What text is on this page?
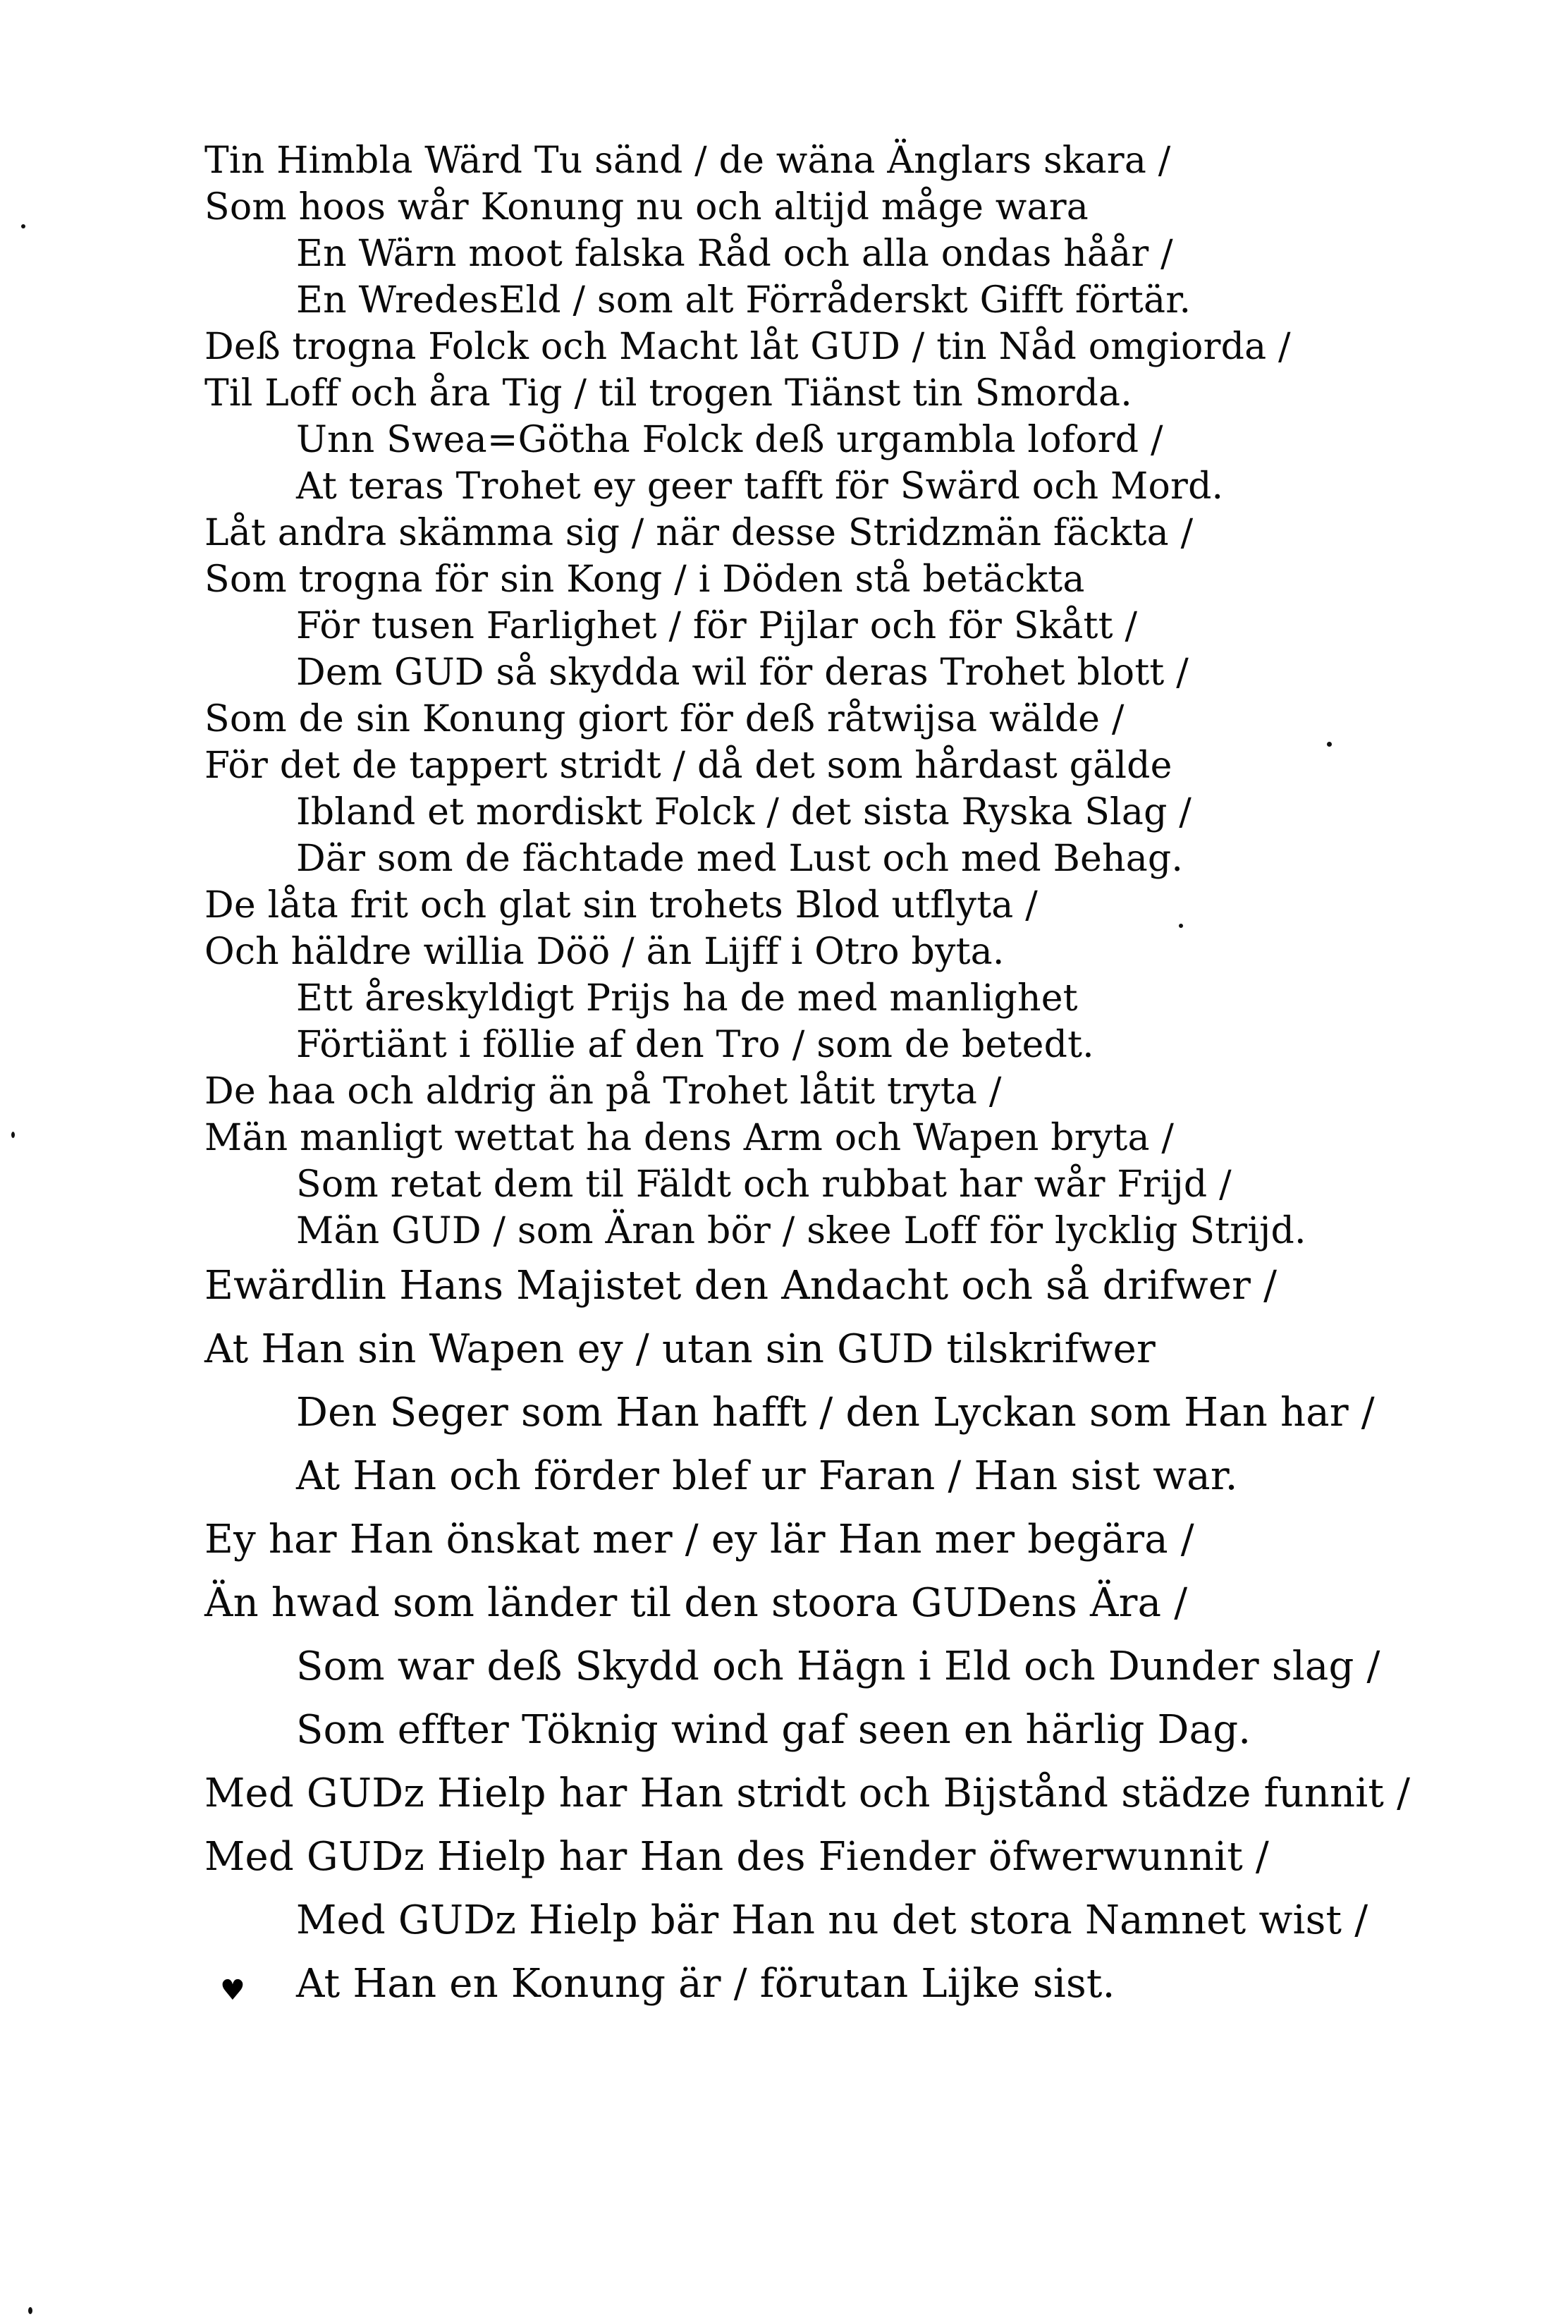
Tin Himbla Wärd Tu sänd / de wäna Änglars skara /
Som hoos wår Konung nu och altijd måge wara
En Wärn moot falska Råd och alla ondas håår /
En WredesEld / som alt Förråderskt Gifft förtär.
Deß trogna Folck och Macht låt GUD / tin Nåd omgiorda /
Til Loff och åra Tig / til trogen Tiänst tin Smorda.
Unn Swea=Götha Folck deß urgambla loford /
At teras Trohet ey geer tafft för Swärd och Mord.
Låt andra skämma sig / när desse Stridzmän fäckta /
Som trogna för sin Kong / i Döden stå betäckta
För tusen Farlighet / för Pijlar och för Skått /
Dem GUD så skydda wil för deras Trohet blott /
Som de sin Konung giort för deß råtwijsa wälde /
För det de tappert stridt / då det som hårdast gälde
Ibland et mordiskt Folck / det sista Ryska Slag /
Där som de fächtade med Lust och med Behag.
De låta frit och glat sin trohets Blod utflyta /
Och häldre willia Döö / än Lijff i Otro byta.
Ett åreskyldigt Prijs ha de med manlighet
Förtiänt i föllie af den Tro / som de betedt.
De haa och aldrig än på Trohet låtit tryta /
Män manligt wettat ha dens Arm och Wapen bryta /
Som retat dem til Fäldt och rubbat har wår Frijd /
Män GUD / som Äran bör / skee Loff för lycklig Strijd.
Ewärdlin Hans Majistet den Andacht och så drifwer /
At Han sin Wapen ey / utan sin GUD tilskrifwer
Den Seger som Han hafft / den Lyckan som Han har /
At Han och förder blef ur Faran / Han sist war.
Ey har Han önskat mer / ey lär Han mer begära /
Än hwad som länder til den stoora GUDens Ära /
Som war deß Skydd och Hägn i Eld och Dunder slag /
Som effter Töknig wind gaf seen en härlig Dag.
Med GUDz Hielp har Han stridt och Bijstånd städze funnit /
Med GUDz Hielp har Han des Fiender öfwerwunnit /
Med GUDz Hielp bär Han nu det stora Namnet wist /
At Han en Konung är / förutan Lijke sist.
♥
